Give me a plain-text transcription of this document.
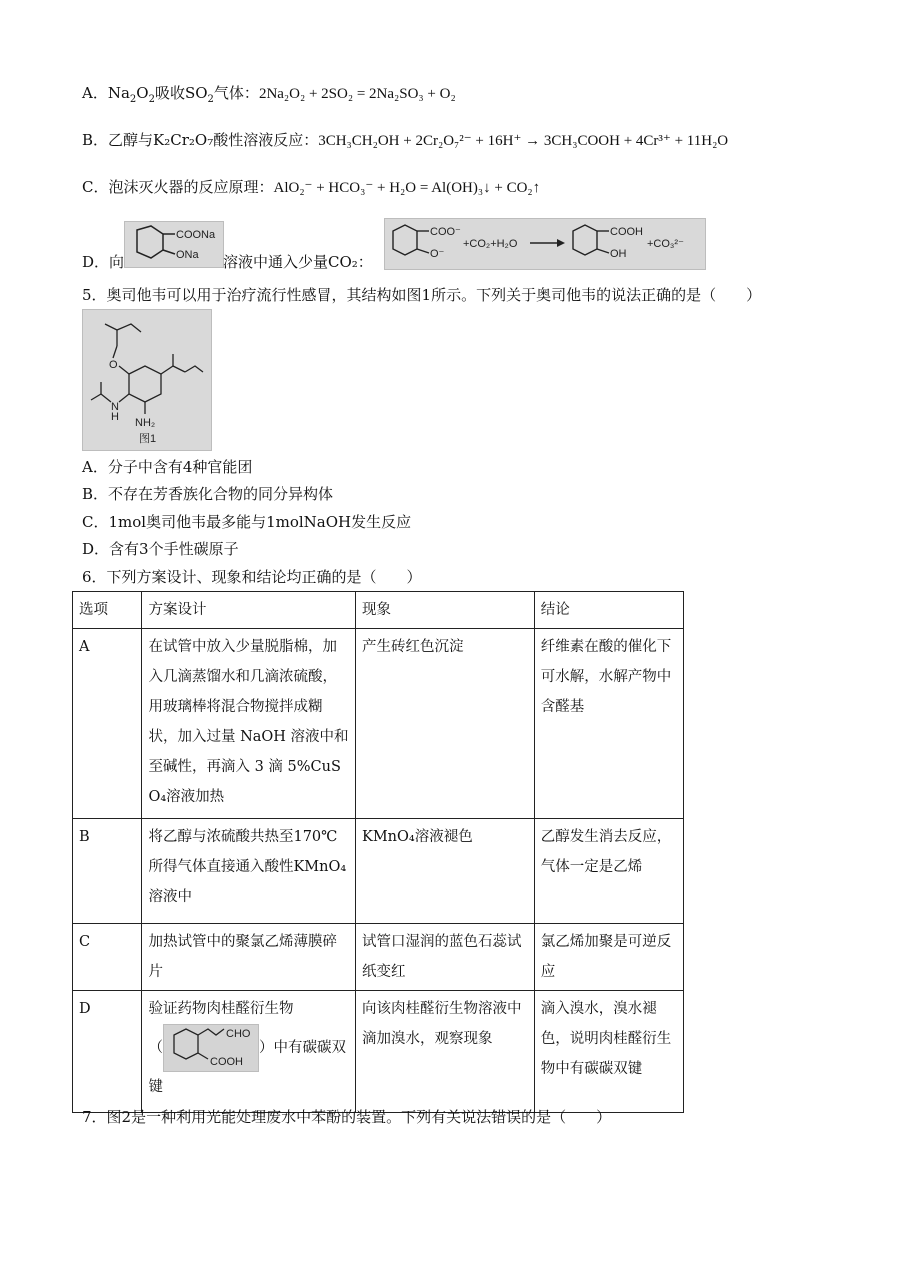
A．$Na_2O_2$吸收$SO_2$气体：2Na₂O₂ + 2SO₂ = 2Na₂SO₃ + O₂
B．乙醇与K₂Cr₂O₇酸性溶液反应：3CH₃CH₂OH + 2Cr₂O₇²⁻ + 16H⁺ → 3CH₃COOH + 4Cr³⁺ + 11H₂O
C．泡沫灭火器的反应原理：AlO₂⁻ + HCO₃⁻ + H₂O = Al(OH)₃↓ + CO₂↑
D．向
COONa
ONa 溶液中通入少量CO₂：
COO⁻
O⁻
+CO₂+H₂O
COOH
OH
+CO₃²⁻
5．奥司他韦可以用于治疗流行性感冒，其结构如图1所示。下列关于奥司他韦的说法正确的是（　　）
O
N
H NH₂
图1
A．分子中含有4种官能团
B．不存在芳香族化合物的同分异构体
C．1mol奥司他韦最多能与1molNaOH发生反应
D．含有3个手性碳原子
6．下列方案设计、现象和结论均正确的是（　　）
选项	方案设计	现象	结论
A	在试管中放入少量脱脂棉，加入几滴蒸馏水和几滴浓硫酸，用玻璃棒将混合物搅拌成糊状，加入过量 NaOH 溶液中和至碱性，再滴入 3 滴 5%CuSO₄溶液加热	产生砖红色沉淀	纤维素在酸的催化下可水解，水解产物中含醛基
B	将乙醇与浓硫酸共热至170℃所得气体直接通入酸性KMnO₄溶液中	KMnO₄溶液褪色	乙醇发生消去反应，气体一定是乙烯
C	加热试管中的聚氯乙烯薄膜碎片	试管口湿润的蓝色石蕊试纸变红	氯乙烯加聚是可逆反应
D	验证药物肉桂醛衍生物
（
CHO
COOH
）中有碳碳双键	向该肉桂醛衍生物溶液中滴加溴水，观察现象	滴入溴水，溴水褪色，说明肉桂醛衍生物中有碳碳双键
7．图2是一种利用光能处理废水中苯酚的装置。下列有关说法错误的是（　　）
